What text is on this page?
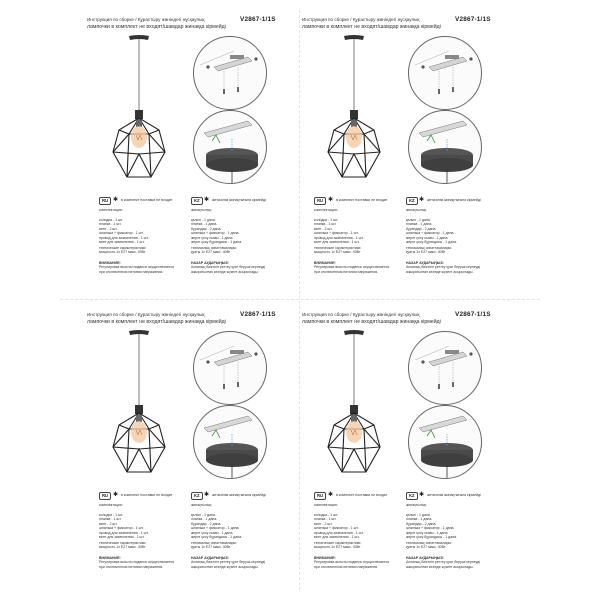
Инструкция по сборке / Құрастыру жөніндегі нұсқаулық	V2867-1/1S
лампочки в комплект не входят/шамдар жинаққа кірмейді
RU ✱ в комплект поставки не входит	KZ ✱ жеткізілім жинақтығына кірмейді
комплектация:
колодка - 1 шт.
планка - 1 шт.
винт - 2 шт.
шпилька + фиксатор - 1 шт.
провод для заземления - 1 шт.
винт для заземления - 1 шт.
технические характеристики:
мощность 1x E27 макс. 40Вт
ВНИМАНИЕ!
Регулировка высоты подвеса осуществляется
при отключенном питании напряжения.
жинақтылық:
қалып - 1 дана.
планка - 1 дана.
бұрандар - 2 дана.
шпилька + фиксатор - 1 дана.
жерге қосу сымы - 1 дана.
жерге қосу бұрандасы - 1 дана.
техникалық сипаттамалары:
қуаты 1x E27 макс. 40Вт
НАЗАР АУДАРЫҢЫЗ!
Аспаның биіктігін реттеу қуат беруші кернеуді
ажыратылған кезінде жүзеге асырылады.
Инструкция по сборке / Құрастыру жөніндегі нұсқаулық	V2867-1/1S
лампочки в комплект не входят/шамдар жинаққа кірмейді
RU ✱ в комплект поставки не входит	KZ ✱ жеткізілім жинақтығына кірмейді
комплектация:
колодка - 1 шт.
планка - 1 шт.
винт - 2 шт.
шпилька + фиксатор - 1 шт.
провод для заземления - 1 шт.
винт для заземления - 1 шт.
технические характеристики:
мощность 1x E27 макс. 40Вт
ВНИМАНИЕ!
Регулировка высоты подвеса осуществляется
при отключенном питании напряжения.
жинақтылық:
қалып - 1 дана.
планка - 1 дана.
бұрандар - 2 дана.
шпилька + фиксатор - 1 дана.
жерге қосу сымы - 1 дана.
жерге қосу бұрандасы - 1 дана.
техникалық сипаттамалары:
қуаты 1x E27 макс. 40Вт
НАЗАР АУДАРЫҢЫЗ!
Аспаның биіктігін реттеу қуат беруші кернеуді
ажыратылған кезінде жүзеге асырылады.
Инструкция по сборке / Құрастыру жөніндегі нұсқаулық	V2867-1/1S
лампочки в комплект не входят/шамдар жинаққа кірмейді
RU ✱ в комплект поставки не входит	KZ ✱ жеткізілім жинақтығына кірмейді
комплектация:
колодка - 1 шт.
планка - 1 шт.
винт - 2 шт.
шпилька + фиксатор - 1 шт.
провод для заземления - 1 шт.
винт для заземления - 1 шт.
технические характеристики:
мощность 1x E27 макс. 40Вт
ВНИМАНИЕ!
Регулировка высоты подвеса осуществляется
при отключенном питании напряжения.
жинақтылық:
қалып - 1 дана.
планка - 1 дана.
бұрандар - 2 дана.
шпилька + фиксатор - 1 дана.
жерге қосу сымы - 1 дана.
жерге қосу бұрандасы - 1 дана.
техникалық сипаттамалары:
қуаты 1x E27 макс. 40Вт
НАЗАР АУДАРЫҢЫЗ!
Аспаның биіктігін реттеу қуат беруші кернеуді
ажыратылған кезінде жүзеге асырылады.
Инструкция по сборке / Құрастыру жөніндегі нұсқаулық	V2867-1/1S
лампочки в комплект не входят/шамдар жинаққа кірмейді
RU ✱ в комплект поставки не входит	KZ ✱ жеткізілім жинақтығына кірмейді
комплектация:
колодка - 1 шт.
планка - 1 шт.
винт - 2 шт.
шпилька + фиксатор - 1 шт.
провод для заземления - 1 шт.
винт для заземления - 1 шт.
технические характеристики:
мощность 1x E27 макс. 40Вт
ВНИМАНИЕ!
Регулировка высоты подвеса осуществляется
при отключенном питании напряжения.
жинақтылық:
қалып - 1 дана.
планка - 1 дана.
бұрандар - 2 дана.
шпилька + фиксатор - 1 дана.
жерге қосу сымы - 1 дана.
жерге қосу бұрандасы - 1 дана.
техникалық сипаттамалары:
қуаты 1x E27 макс. 40Вт
НАЗАР АУДАРЫҢЫЗ!
Аспаның биіктігін реттеу қуат беруші кернеуді
ажыратылған кезінде жүзеге асырылады.
